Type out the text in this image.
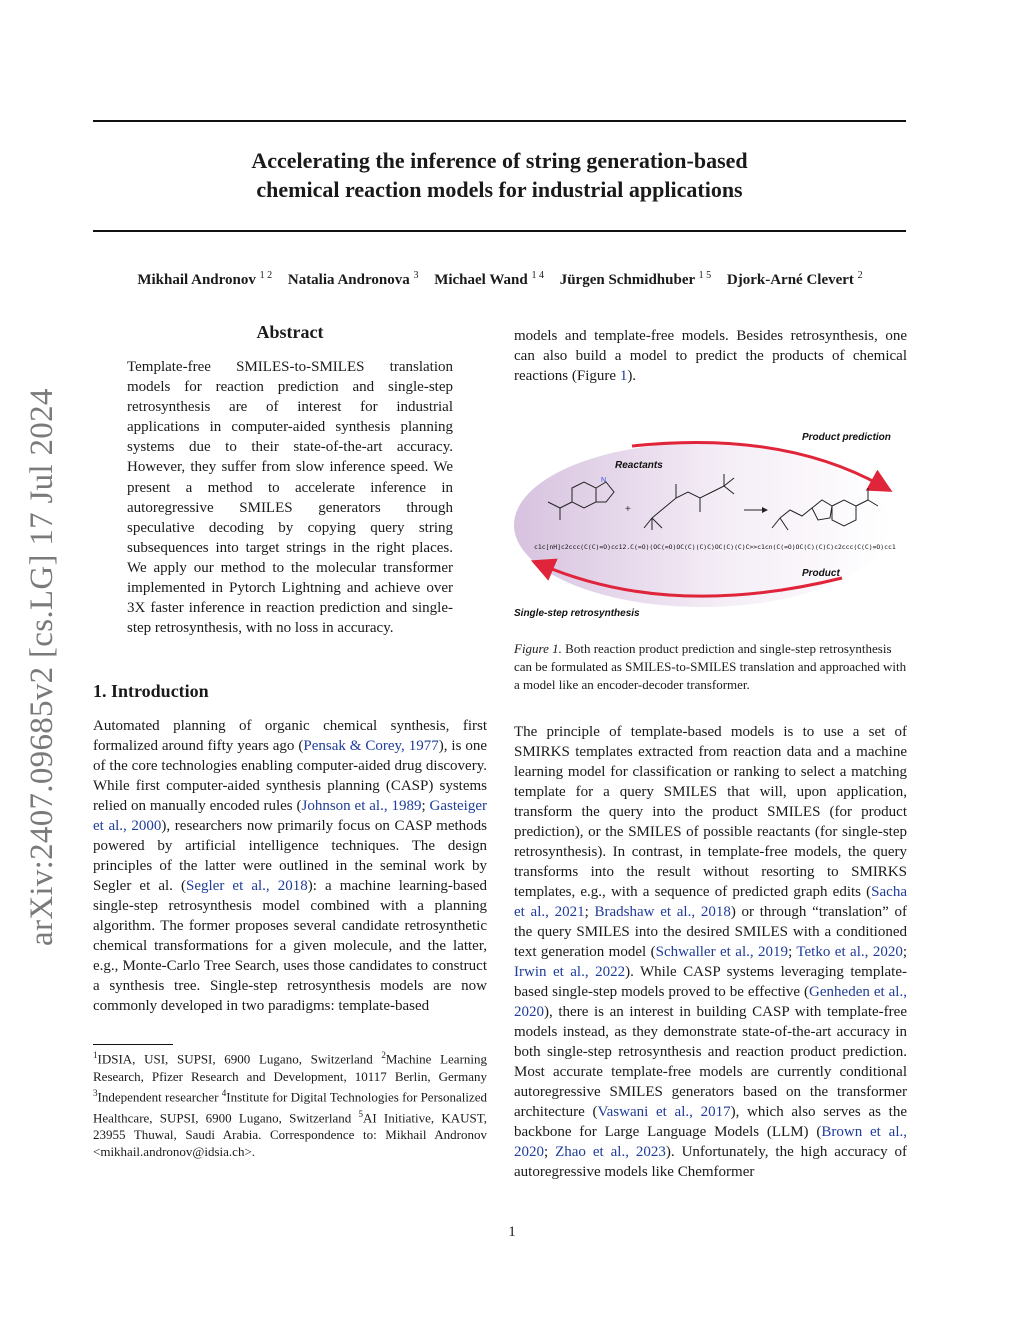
Accelerating the inference of string generation-based
chemical reaction models for industrial applications
Mikhail Andronov $^{1 2}$ Natalia Andronova $^3$ Michael Wand $^{1 4}$ Jürgen Schmidhuber $^{1 5}$ Djork-Arné Clevert $^2$
arXiv:2407.09685v2 [cs.LG] 17 Jul 2024
Abstract
Template-free SMILES-to-SMILES translation models for reaction prediction and single-step retrosynthesis are of interest for industrial applications in computer-aided synthesis planning systems due to their state-of-the-art accuracy. However, they suffer from slow inference speed. We present a method to accelerate inference in autoregressive SMILES generators through speculative decoding by copying query string subsequences into target strings in the right places. We apply our method to the molecular transformer implemented in Pytorch Lightning and achieve over 3X faster inference in reaction prediction and single-step retrosynthesis, with no loss in accuracy.
1. Introduction
Automated planning of organic chemical synthesis, first formalized around fifty years ago (Pensak & Corey, 1977), is one of the core technologies enabling computer-aided drug discovery. While first computer-aided synthesis planning (CASP) systems relied on manually encoded rules (Johnson et al., 1989; Gasteiger et al., 2000), researchers now primarily focus on CASP methods powered by artificial intelligence techniques. The design principles of the latter were outlined in the seminal work by Segler et al. (Segler et al., 2018): a machine learning-based single-step retrosynthesis model combined with a planning algorithm. The former proposes several candidate retrosynthetic chemical transformations for a given molecule, and the latter, e.g., Monte-Carlo Tree Search, uses those candidates to construct a synthesis tree. Single-step retrosynthesis models are now commonly developed in two paradigms: template-based
$^1$IDSIA, USI, SUPSI, 6900 Lugano, Switzerland $^2$Machine Learning Research, Pfizer Research and Development, 10117 Berlin, Germany $^3$Independent researcher $^4$Institute for Digital Technologies for Personalized Healthcare, SUPSI, 6900 Lugano, Switzerland $^5$AI Initiative, KAUST, 23955 Thuwal, Saudi Arabia. Correspondence to: Mikhail Andronov <mikhail.andronov@idsia.ch>.
models and template-free models. Besides retrosynthesis, one can also build a model to predict the products of chemical reactions (Figure 1).
Product prediction
Reactants
Product
Single-step retrosynthesis
N
+
c1c[nH]c2ccc(C(C)=O)cc12.C(=O)(OC(=O)OC(C)(C)C)OC(C)(C)C>>c1cn(C(=O)OC(C)(C)C)c2ccc(C(C)=O)cc1
Figure 1. Both reaction product prediction and single-step retrosynthesis can be formulated as SMILES-to-SMILES translation and approached with a model like an encoder-decoder transformer.
The principle of template-based models is to use a set of SMIRKS templates extracted from reaction data and a machine learning model for classification or ranking to select a matching template for a query SMILES that will, upon application, transform the query into the product SMILES (for product prediction), or the SMILES of possible reactants (for single-step retrosynthesis). In contrast, in template-free models, the query transforms into the result without resorting to SMIRKS templates, e.g., with a sequence of predicted graph edits (Sacha et al., 2021; Bradshaw et al., 2018) or through “translation” of the query SMILES into the desired SMILES with a conditioned text generation model (Schwaller et al., 2019; Tetko et al., 2020; Irwin et al., 2022). While CASP systems leveraging template-based single-step models proved to be effective (Genheden et al., 2020), there is an interest in building CASP with template-free models instead, as they demonstrate state-of-the-art accuracy in both single-step retrosynthesis and reaction product prediction. Most accurate template-free models are currently conditional autoregressive SMILES generators based on the transformer architecture (Vaswani et al., 2017), which also serves as the backbone for Large Language Models (LLM) (Brown et al., 2020; Zhao et al., 2023). Unfortunately, the high accuracy of autoregressive models like Chemformer
1
